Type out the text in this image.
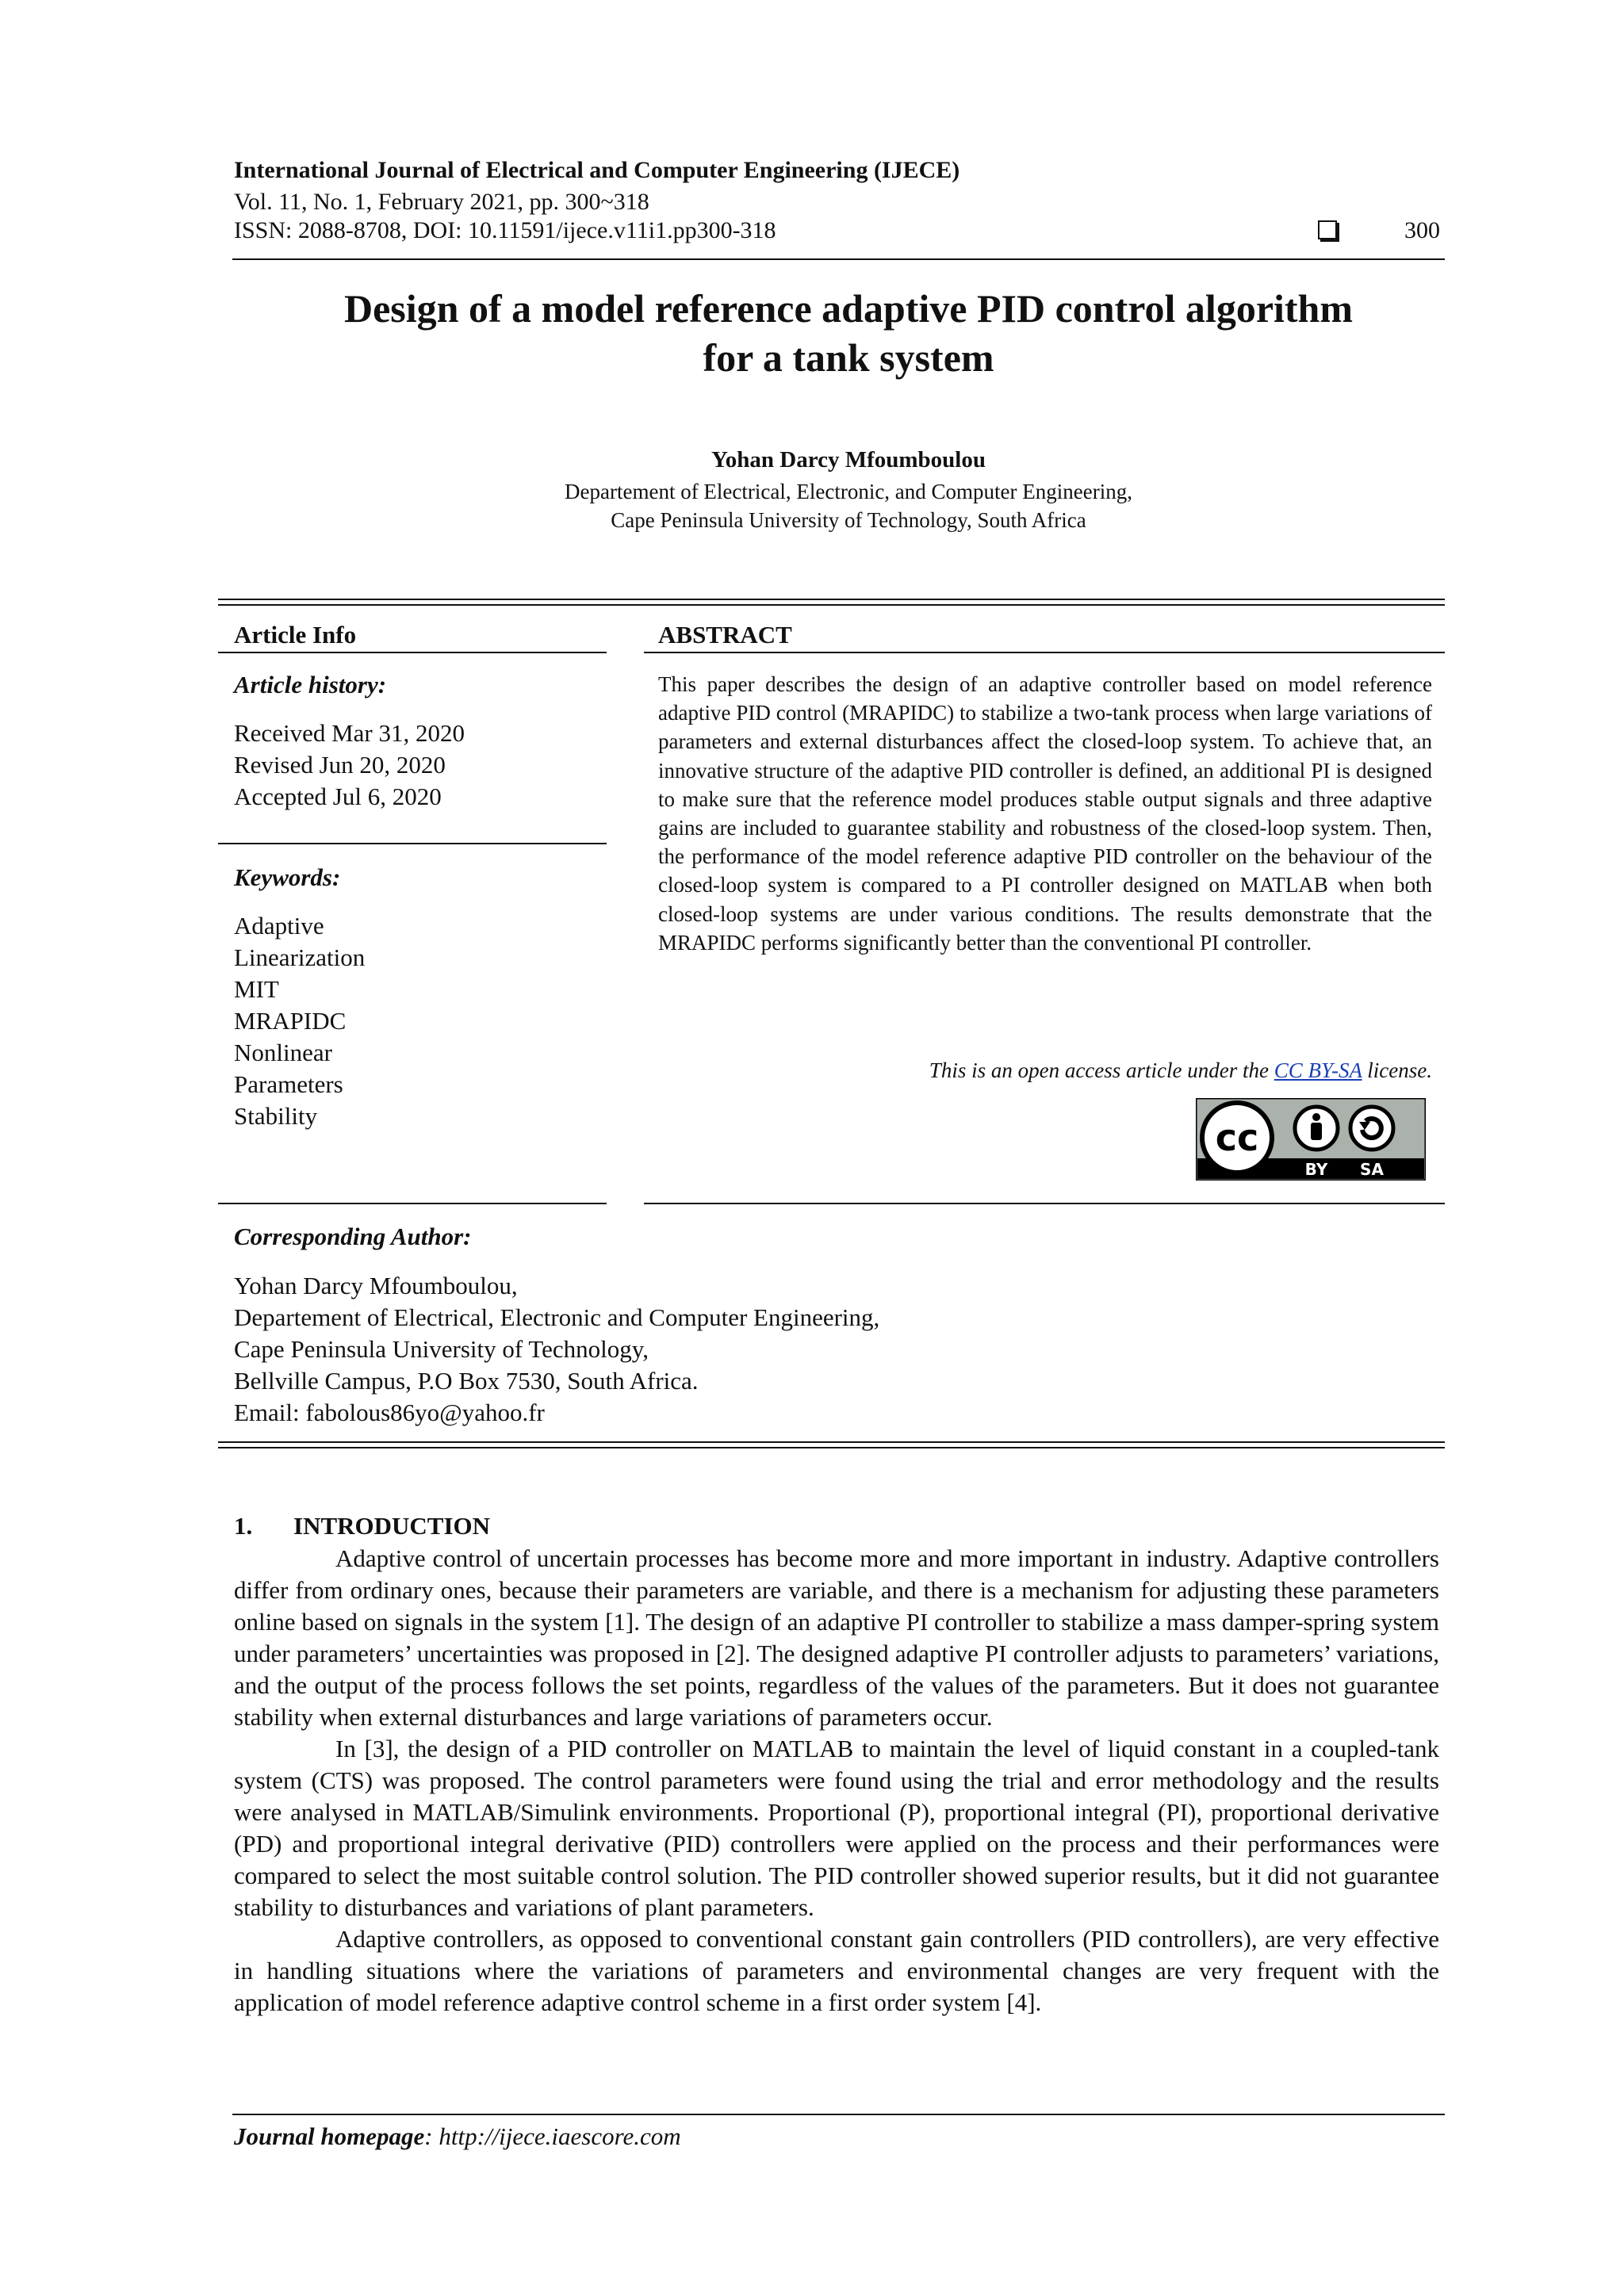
International Journal of Electrical and Computer Engineering (IJECE)
Vol. 11, No. 1, February 2021, pp. 300~318
ISSN: 2088-8708, DOI: 10.11591/ijece.v11i1.pp300-318	300
Design of a model reference adaptive PID control algorithm
for a tank system
Yohan Darcy Mfoumboulou
Departement of Electrical, Electronic, and Computer Engineering,
Cape Peninsula University of Technology, South Africa
Article Info
Article history:
Received Mar 31, 2020
Revised Jun 20, 2020
Accepted Jul 6, 2020
Keywords:
Adaptive
Linearization
MIT
MRAPIDC
Nonlinear
Parameters
Stability
ABSTRACT
This paper describes the design of an adaptive controller based on model reference adaptive PID control (MRAPIDC) to stabilize a two-tank process when large variations of parameters and external disturbances affect the closed-loop system. To achieve that, an innovative structure of the adaptive PID controller is defined, an additional PI is designed to make sure that the reference model produces stable output signals and three adaptive gains are included to guarantee stability and robustness of the closed-loop system. Then, the performance of the model reference adaptive PID controller on the behaviour of the closed-loop system is compared to a PI controller designed on MATLAB when both closed-loop systems are under various conditions. The results demonstrate that the MRAPIDC performs significantly better than the conventional PI controller.
This is an open access article under the CC BY-SA license.
cc
BY SA
Corresponding Author:
Yohan Darcy Mfoumboulou,
Departement of Electrical, Electronic and Computer Engineering,
Cape Peninsula University of Technology,
Bellville Campus, P.O Box 7530, South Africa.
Email: fabolous86yo@yahoo.fr
1. INTRODUCTION

Adaptive control of uncertain processes has become more and more important in industry. Adaptive controllers differ from ordinary ones, because their parameters are variable, and there is a mechanism for adjusting these parameters online based on signals in the system [1]. The design of an adaptive PI controller to stabilize a mass damper-spring system under parameters’ uncertainties was proposed in [2]. The designed adaptive PI controller adjusts to parameters’ variations, and the output of the process follows the set points, regardless of the values of the parameters. But it does not guarantee stability when external disturbances and large variations of parameters occur.

In [3], the design of a PID controller on MATLAB to maintain the level of liquid constant in a coupled-tank system (CTS) was proposed. The control parameters were found using the trial and error methodology and the results were analysed in MATLAB/Simulink environments. Proportional (P), proportional integral (PI), proportional derivative (PD) and proportional integral derivative (PID) controllers were applied on the process and their performances were compared to select the most suitable control solution. The PID controller showed superior results, but it did not guarantee stability to disturbances and variations of plant parameters.

Adaptive controllers, as opposed to conventional constant gain controllers (PID controllers), are very effective in handling situations where the variations of parameters and environmental changes are very frequent with the application of model reference adaptive control scheme in a first order system [4].

Journal homepage: http://ijece.iaescore.com
